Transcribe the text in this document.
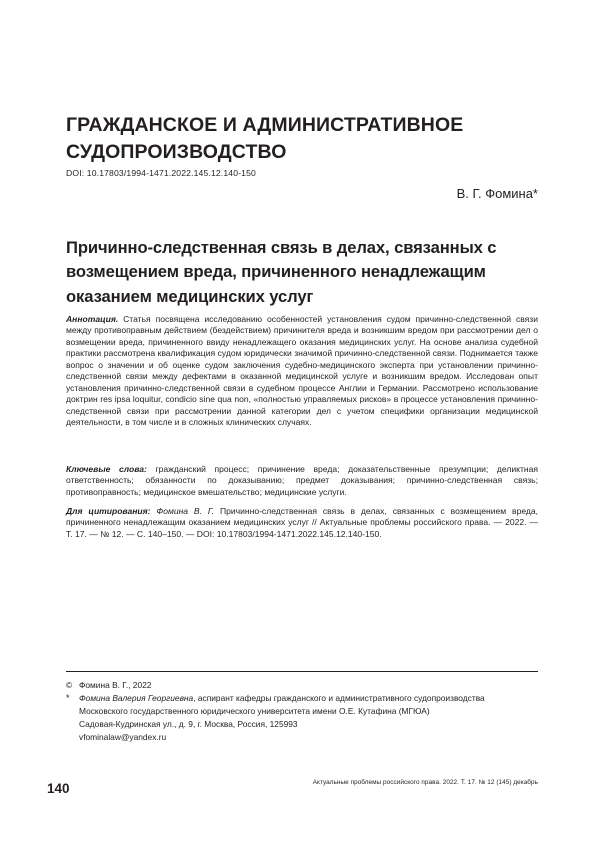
ГРАЖДАНСКОЕ И АДМИНИСТРАТИВНОЕ СУДОПРОИЗВОДСТВО
DOI: 10.17803/1994-1471.2022.145.12.140-150
В. Г. Фомина*
Причинно-следственная связь в делах, связанных с возмещением вреда, причиненного ненадлежащим оказанием медицинских услуг

Аннотация. Статья посвящена исследованию особенностей установления судом причинно-следственной связи между противоправным действием (бездействием) причинителя вреда и возникшим вредом при рассмотрении дел о возмещении вреда, причиненного ввиду ненадлежащего оказания медицинских услуг. На основе анализа судебной практики рассмотрена квалификация судом юридически значимой причинно-следственной связи. Поднимается также вопрос о значении и об оценке судом заключения судебно-медицинского эксперта при установлении причинно-следственной связи между дефектами в оказанной медицинской услуге и возникшим вредом. Исследован опыт установления причинно-следственной связи в судебном процессе Англии и Германии. Рассмотрено использование доктрин res ipsa loquitur, condicio sine qua non, «полностью управляемых рисков» в процессе установления причинно-следственной связи при рассмотрении данной категории дел с учетом специфики организации медицинской деятельности, в том числе и в сложных клинических случаях.

Ключевые слова: гражданский процесс; причинение вреда; доказательственные презумпции; деликтная ответственность; обязанности по доказыванию; предмет доказывания; причинно-следственная связь; противоправность; медицинское вмешательство; медицинские услуги.

Для цитирования: Фомина В. Г. Причинно-следственная связь в делах, связанных с возмещением вреда, причиненного ненадлежащим оказанием медицинских услуг // Актуальные проблемы российского права. — 2022. — Т. 17. — № 12. — С. 140–150. — DOI: 10.17803/1994-1471.2022.145.12.140-150.

© Фомина В. Г., 2022
*	Фомина Валерия Георгиевна, аспирант кафедры гражданского и административного судопроизводства
Московского государственного юридического университета имени О.Е. Кутафина (МГЮА)
Садовая-Кудринская ул., д. 9, г. Москва, Россия, 125993
vfominalaw@yandex.ru
140	Актуальные проблемы российского права. 2022. Т. 17. № 12 (145) декабрь
